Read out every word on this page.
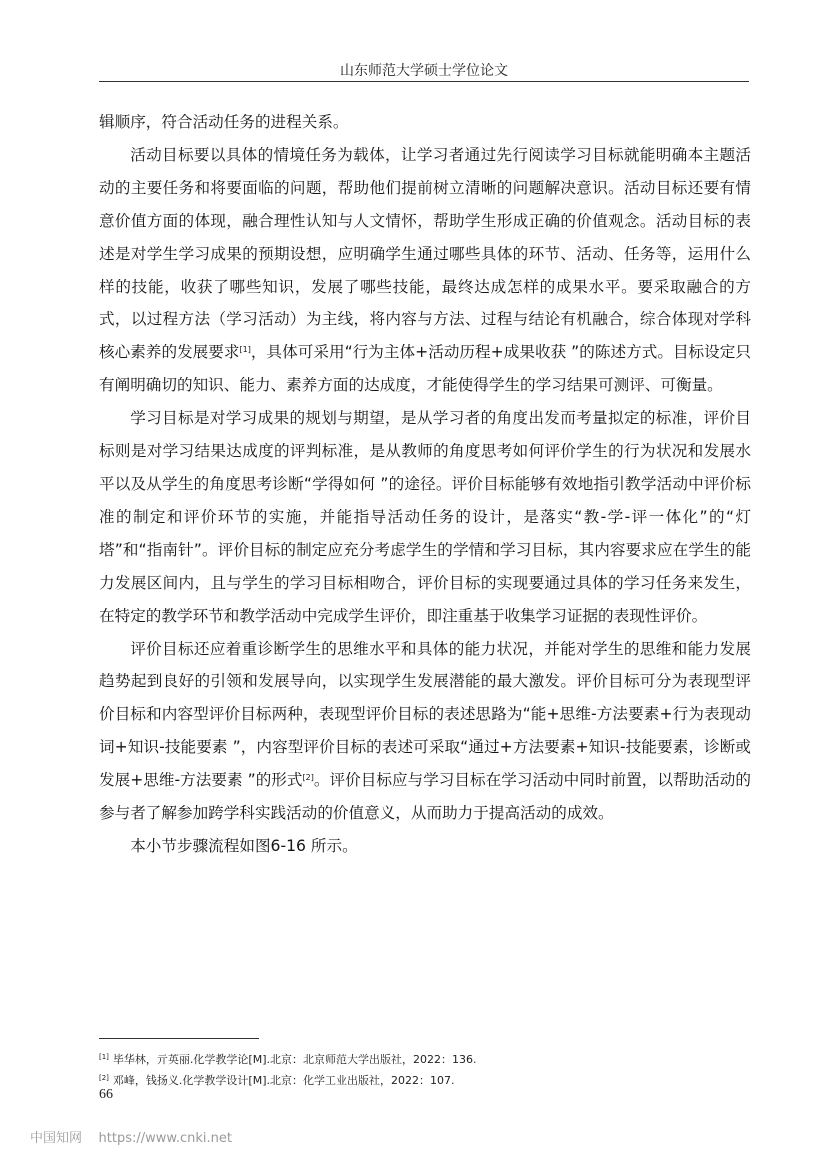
山东师范大学硕士学位论文

辑顺序，符合活动任务的进程关系。

活动目标要以具体的情境任务为载体，让学习者通过先行阅读学习目标就能明确本主题活动的主要任务和将要面临的问题，帮助他们提前树立清晰的问题解决意识。活动目标还要有情意价值方面的体现，融合理性认知与人文情怀，帮助学生形成正确的价值观念。活动目标的表述是对学生学习成果的预期设想，应明确学生通过哪些具体的环节、活动、任务等，运用什么样的技能，收获了哪些知识，发展了哪些技能，最终达成怎样的成果水平。要采取融合的方式，以过程方法（学习活动）为主线，将内容与方法、过程与结论有机融合，综合体现对学科核心素养的发展要求[1]，具体可采用“行为主体+活动历程+成果收获 ”的陈述方式。目标设定只有阐明确切的知识、能力、素养方面的达成度，才能使得学生的学习结果可测评、可衡量。

学习目标是对学习成果的规划与期望，是从学习者的角度出发而考量拟定的标准，评价目标则是对学习结果达成度的评判标准，是从教师的角度思考如何评价学生的行为状况和发展水平以及从学生的角度思考诊断“学得如何 ”的途径。评价目标能够有效地指引教学活动中评价标准的制定和评价环节的实施，并能指导活动任务的设计，是落实“教-学-评一体化”的“灯塔”和“指南针”。评价目标的制定应充分考虑学生的学情和学习目标，其内容要求应在学生的能力发展区间内，且与学生的学习目标相吻合，评价目标的实现要通过具体的学习任务来发生，在特定的教学环节和教学活动中完成学生评价，即注重基于收集学习证据的表现性评价。

评价目标还应着重诊断学生的思维水平和具体的能力状况，并能对学生的思维和能力发展趋势起到良好的引领和发展导向，以实现学生发展潜能的最大激发。评价目标可分为表现型评价目标和内容型评价目标两种，表现型评价目标的表述思路为“能+思维-方法要素+行为表现动词+知识-技能要素 ”，内容型评价目标的表述可采取“通过+方法要素+知识-技能要素，诊断或发展+思维-方法要素 ”的形式[2]。评价目标应与学习目标在学习活动中同时前置，以帮助活动的参与者了解参加跨学科实践活动的价值意义，从而助力于提高活动的成效。

本小节步骤流程如图6-16 所示。

[1] 毕华林，亓英丽.化学教学论[M].北京：北京师范大学出版社，2022：136.
[2] 邓峰，钱扬义.化学教学设计[M].北京：化学工业出版社，2022：107.
66
中国知网    https://www.cnki.net
